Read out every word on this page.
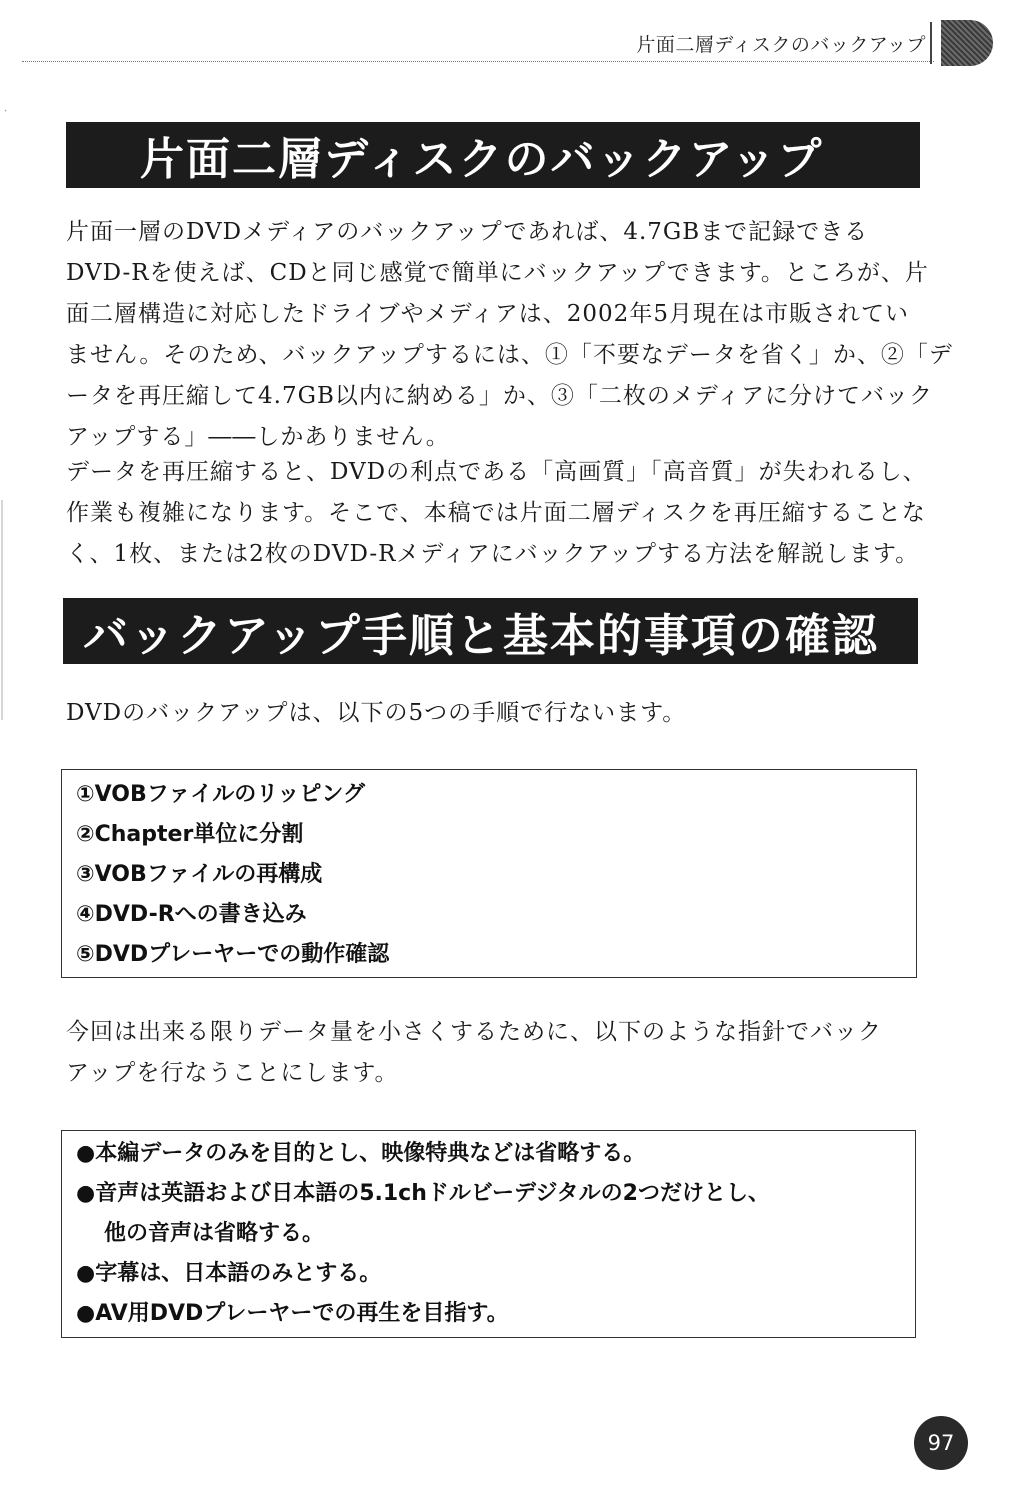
片面二層ディスクのバックアップ
ᐩ
片面二層ディスクのバックアップ
片面一層のDVDメディアのバックアップであれば、4.7GBまで記録できる
DVD-Rを使えば、CDと同じ感覚で簡単にバックアップできます。ところが、片
面二層構造に対応したドライブやメディアは、2002年5月現在は市販されてい
ません。そのため、バックアップするには、①「不要なデータを省く」か、②「デ
ータを再圧縮して4.7GB以内に納める」か、③「二枚のメディアに分けてバック
アップする」――しかありません。
データを再圧縮すると、DVDの利点である「高画質」「高音質」が失われるし、
作業も複雑になります。そこで、本稿では片面二層ディスクを再圧縮することな
く、1枚、または2枚のDVD-Rメディアにバックアップする方法を解説します。
バックアップ手順と基本的事項の確認
DVDのバックアップは、以下の5つの手順で行ないます。
①VOBファイルのリッピング
②Chapter単位に分割
③VOBファイルの再構成
④DVD-Rへの書き込み
⑤DVDプレーヤーでの動作確認
今回は出来る限りデータ量を小さくするために、以下のような指針でバック
アップを行なうことにします。
●本編データのみを目的とし、映像特典などは省略する。
●音声は英語および日本語の5.1chドルビーデジタルの2つだけとし、
他の音声は省略する。
●字幕は、日本語のみとする。
●AV用DVDプレーヤーでの再生を目指す。
97
